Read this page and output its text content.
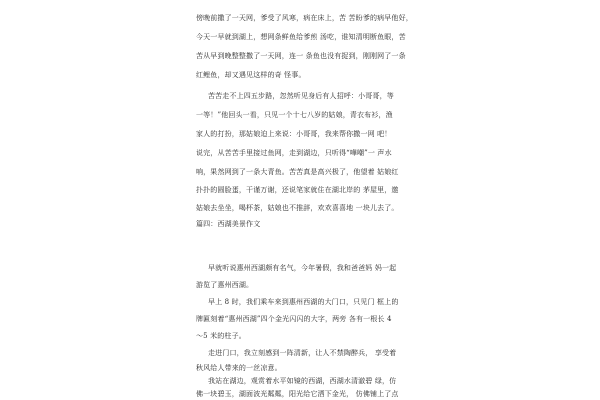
傍晚前撒了一天网，爹受了风寒，病在床上，苦 苦盼爹的病早他好，
今天一早就到湖上，想网条鲜鱼给爹煎 汤吃，谁知清明断鱼眼，苦
苦从早到晚整整撒了一天网，连一 条鱼也没有捉到，刚刚网了一条
红鲤鱼，却又遇见这样的奇 怪事。
苦苦走不上四五步路，忽然听见身后有人招呼：小哥哥，等
一等！”他回头一看，只见一个十七八岁的姑娘，青衣布衫，渔
家人的打扮，那姑娘迫上来说：小哥哥，我来帮你撒一网 吧！
说完，从苦苦手里接过鱼网，走到湖边，只听得“嘩嘲”一 声水
响，果然网到了一条大青鱼。苦苦真是高兴极了，他望着 姑娘红
扑扑的圆脸蛋，干谨万谢，还说笔家就住在湖北岸的 茅屋里，邀
姑娘去坐坐，喝杯茶，姑娘也不推辞，欢欢喜喜地 一块儿去了。
篇四：西湖美景作文
早就听说惠州西湖颇有名气，今年暑假，我和爸爸妈 妈一起
游览了惠州西湖。
早上 8 时，我们乘车来到惠州西湖的大门口，只见门 框上的
牌匾刻着“惠州西湖”四个金光闪闪的大字，两旁 各有一根长 4
～5 米的柱子。
走进门口，我立刻感到一阵清新，让人不禁陶醉兵， 享受着
秋风给人带来的一丝凉意。
我站在湖边，观赏着水平如镜的西湖，西湖水清澈碧 绿，仿
佛一块碧玉，湖面波光粼粼，阳光给它洒下金光， 仿佛铺上了点
